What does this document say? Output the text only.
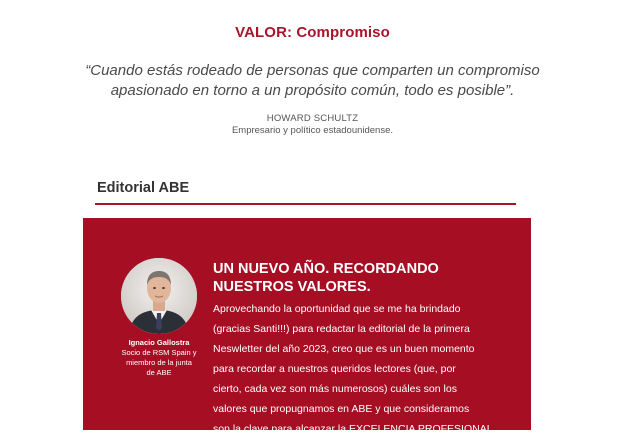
VALOR: Compromiso
“Cuando estás rodeado de personas que comparten un compromiso
apasionado en torno a un propósito común, todo es posible”.
HOWARD SCHULTZ
Empresario y político estadounidense.
Editorial ABE
Ignacio Gallostra
Socio de RSM Spain y
miembro de la junta
de ABE
UN NUEVO AÑO. RECORDANDO
NUESTROS VALORES.
Aprovechando la oportunidad que se me ha brindado
(gracias Santi!!!) para redactar la editorial de la primera
Neswletter del año 2023, creo que es un buen momento
para recordar a nuestros queridos lectores (que, por
cierto, cada vez son más numerosos) cuáles son los
valores que propugnamos en ABE y que consideramos
son la clave para alcanzar la EXCELENCIA PROFESIONAL
